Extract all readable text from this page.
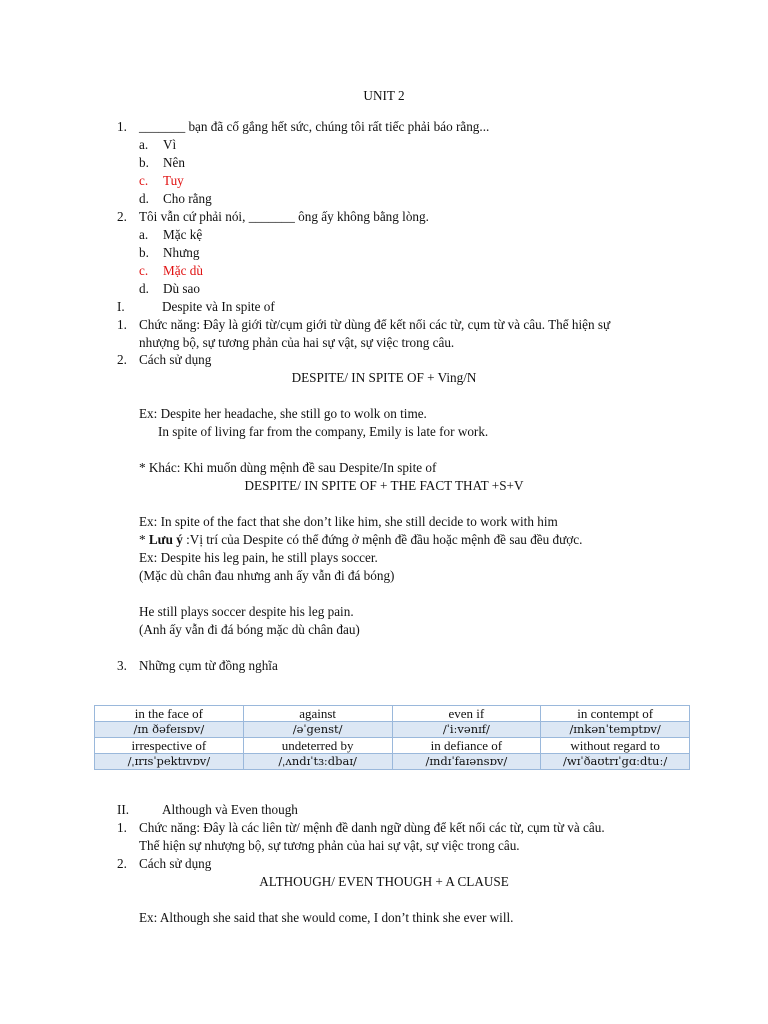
UNIT 2
1. _______ bạn đã cố gắng hết sức, chúng tôi rất tiếc phải báo rằng...
a. Vì
b. Nên
c. Tuy
d. Cho rằng
2. Tôi vẫn cứ phải nói, _______ ông ấy không bằng lòng.
a. Mặc kệ
b. Nhưng
c. Mặc dù
d. Dù sao
I.	Despite và In spite of
1. Chức năng: Đây là giới từ/cụm giới từ dùng để kết nối các từ, cụm từ và câu. Thể hiện sự
nhượng bộ, sự tương phản của hai sự vật, sự việc trong câu.
2. Cách sử dụng
DESPITE/ IN SPITE OF + Ving/N
Ex: Despite her headache, she still go to wolk on time.
In spite of living far from the company, Emily is late for work.
* Khác: Khi muốn dùng mệnh đề sau Despite/In spite of
DESPITE/ IN SPITE OF + THE FACT THAT +S+V
Ex: In spite of the fact that she don’t like him, she still decide to work with him
* Lưu ý :Vị trí của Despite có thể đứng ở mệnh đề đầu hoặc mệnh đề sau đều được.
Ex: Despite his leg pain, he still plays soccer.
(Mặc dù chân đau nhưng anh ấy vẫn đi đá bóng)
He still plays soccer despite his leg pain.
(Anh ấy vẫn đi đá bóng mặc dù chân đau)
3. Những cụm từ đồng nghĩa
in the face of	against	even if	in contempt of
/ɪn ðəfeɪsɒv/	/əˈgenst/	/ˈiːvənɪf/	/ɪnkənˈtemptɒv/
irrespective of	undeterred by	in defiance of	without regard to
/ˌɪrɪsˈpektɪvɒv/	/ˌʌndɪˈtɜːdbaɪ/	/ɪndɪˈfaɪənsɒv/	/wɪˈðaʊtrɪˈgɑːdtuː/
II. Although và Even though
1. Chức năng: Đây là các liên từ/ mệnh đề danh ngữ dùng để kết nối các từ, cụm từ và câu.
Thể hiện sự nhượng bộ, sự tương phản của hai sự vật, sự việc trong câu.
2. Cách sử dụng
ALTHOUGH/ EVEN THOUGH + A CLAUSE
Ex: Although she said that she would come, I don’t think she ever will.
